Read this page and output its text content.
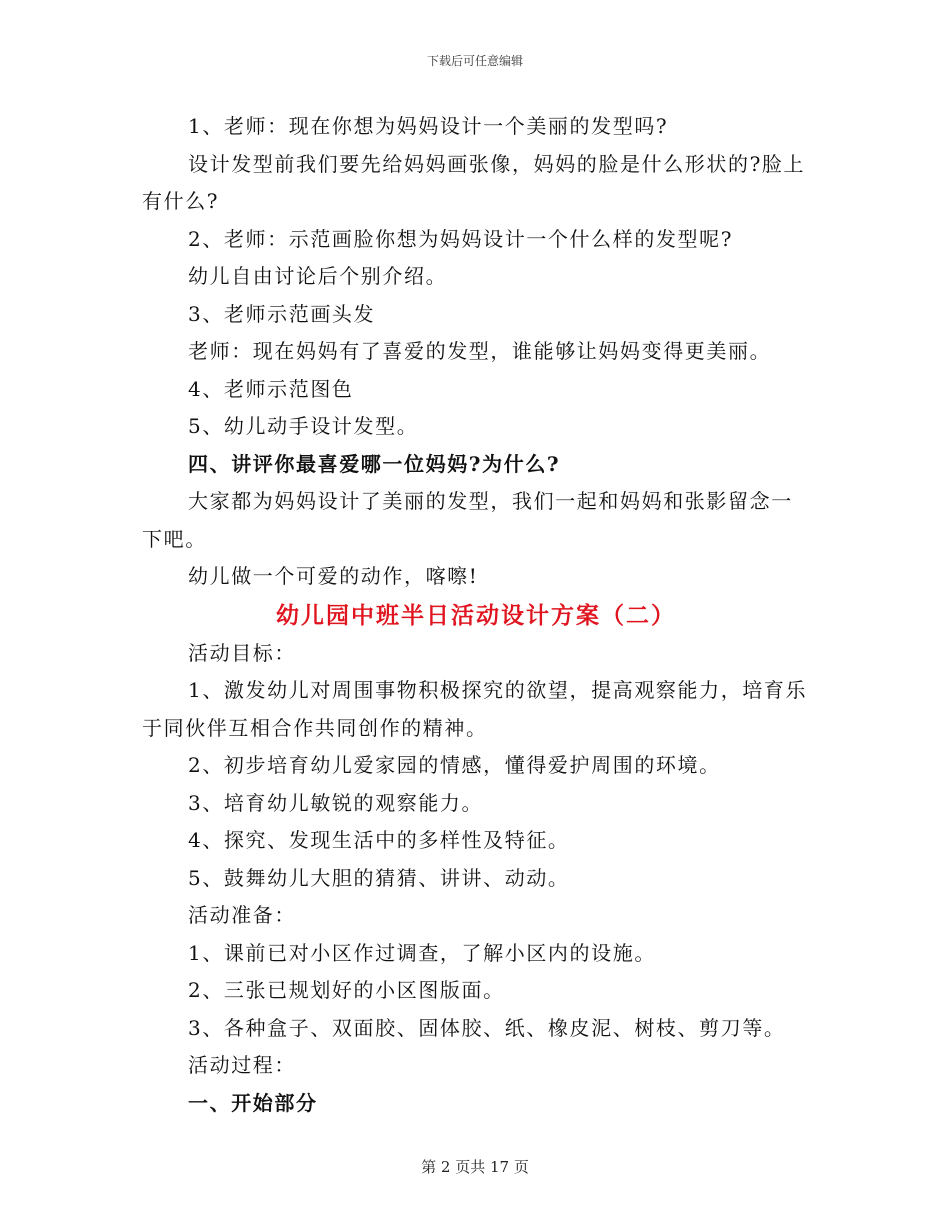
下载后可任意编辑

1、老师：现在你想为妈妈设计一个美丽的发型吗?

设计发型前我们要先给妈妈画张像，妈妈的脸是什么形状的?脸上有什么?

2、老师：示范画脸你想为妈妈设计一个什么样的发型呢?

幼儿自由讨论后个别介绍。

3、老师示范画头发

老师：现在妈妈有了喜爱的发型，谁能够让妈妈变得更美丽。

4、老师示范图色

5、幼儿动手设计发型。

四、讲评你最喜爱哪一位妈妈?为什么?

大家都为妈妈设计了美丽的发型，我们一起和妈妈和张影留念一下吧。

幼儿做一个可爱的动作，喀嚓!

幼儿园中班半日活动设计方案（二）

活动目标：

1、激发幼儿对周围事物积极探究的欲望，提高观察能力，培育乐于同伙伴互相合作共同创作的精神。

2、初步培育幼儿爱家园的情感，懂得爱护周围的环境。

3、培育幼儿敏锐的观察能力。

4、探究、发现生活中的多样性及特征。

5、鼓舞幼儿大胆的猜猜、讲讲、动动。

活动准备：

1、课前已对小区作过调查，了解小区内的设施。

2、三张已规划好的小区图版面。

3、各种盒子、双面胶、固体胶、纸、橡皮泥、树枝、剪刀等。

活动过程：

一、开始部分

第 2 页共 17 页
